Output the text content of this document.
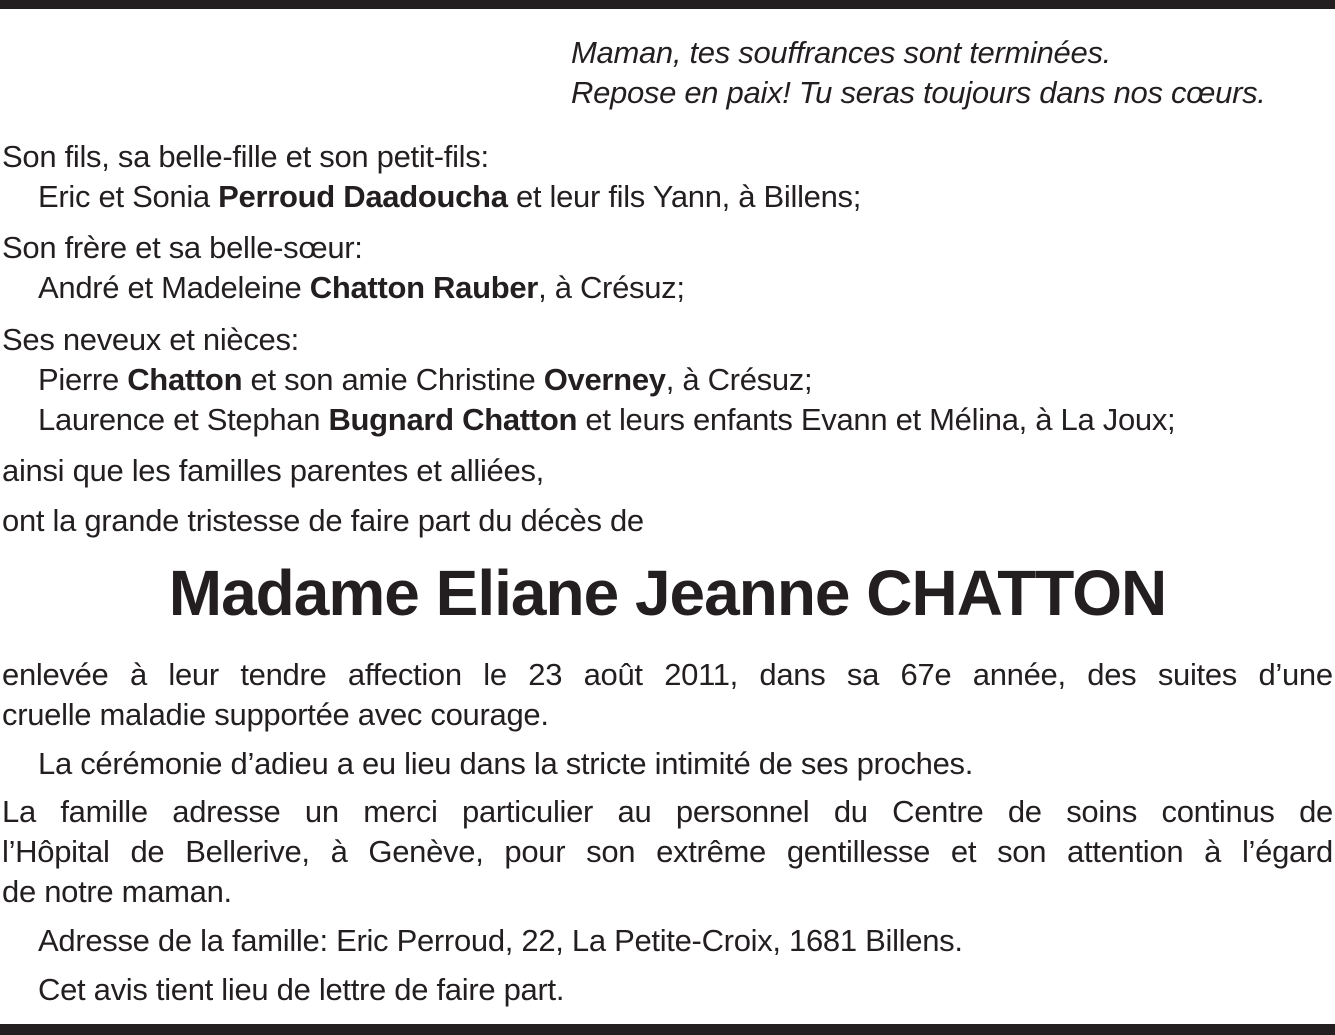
Maman, tes souffrances sont terminées.
Repose en paix! Tu seras toujours dans nos cœurs.
Son fils, sa belle-fille et son petit-fils:
Eric et Sonia Perroud Daadoucha et leur fils Yann, à Billens;
Son frère et sa belle-sœur:
André et Madeleine Chatton Rauber, à Crésuz;
Ses neveux et nièces:
Pierre Chatton et son amie Christine Overney, à Crésuz;
Laurence et Stephan Bugnard Chatton et leurs enfants Evann et Mélina, à La Joux;
ainsi que les familles parentes et alliées,
ont la grande tristesse de faire part du décès de
Madame Eliane Jeanne CHATTON
enlevée à leur tendre affection le 23 août 2011, dans sa 67e année, des suites d’une
cruelle maladie supportée avec courage.
La cérémonie d’adieu a eu lieu dans la stricte intimité de ses proches.
La famille adresse un merci particulier au personnel du Centre de soins continus de
l’Hôpital de Bellerive, à Genève, pour son extrême gentillesse et son attention à l’égard
de notre maman.
Adresse de la famille: Eric Perroud, 22, La Petite-Croix, 1681 Billens.
Cet avis tient lieu de lettre de faire part.
